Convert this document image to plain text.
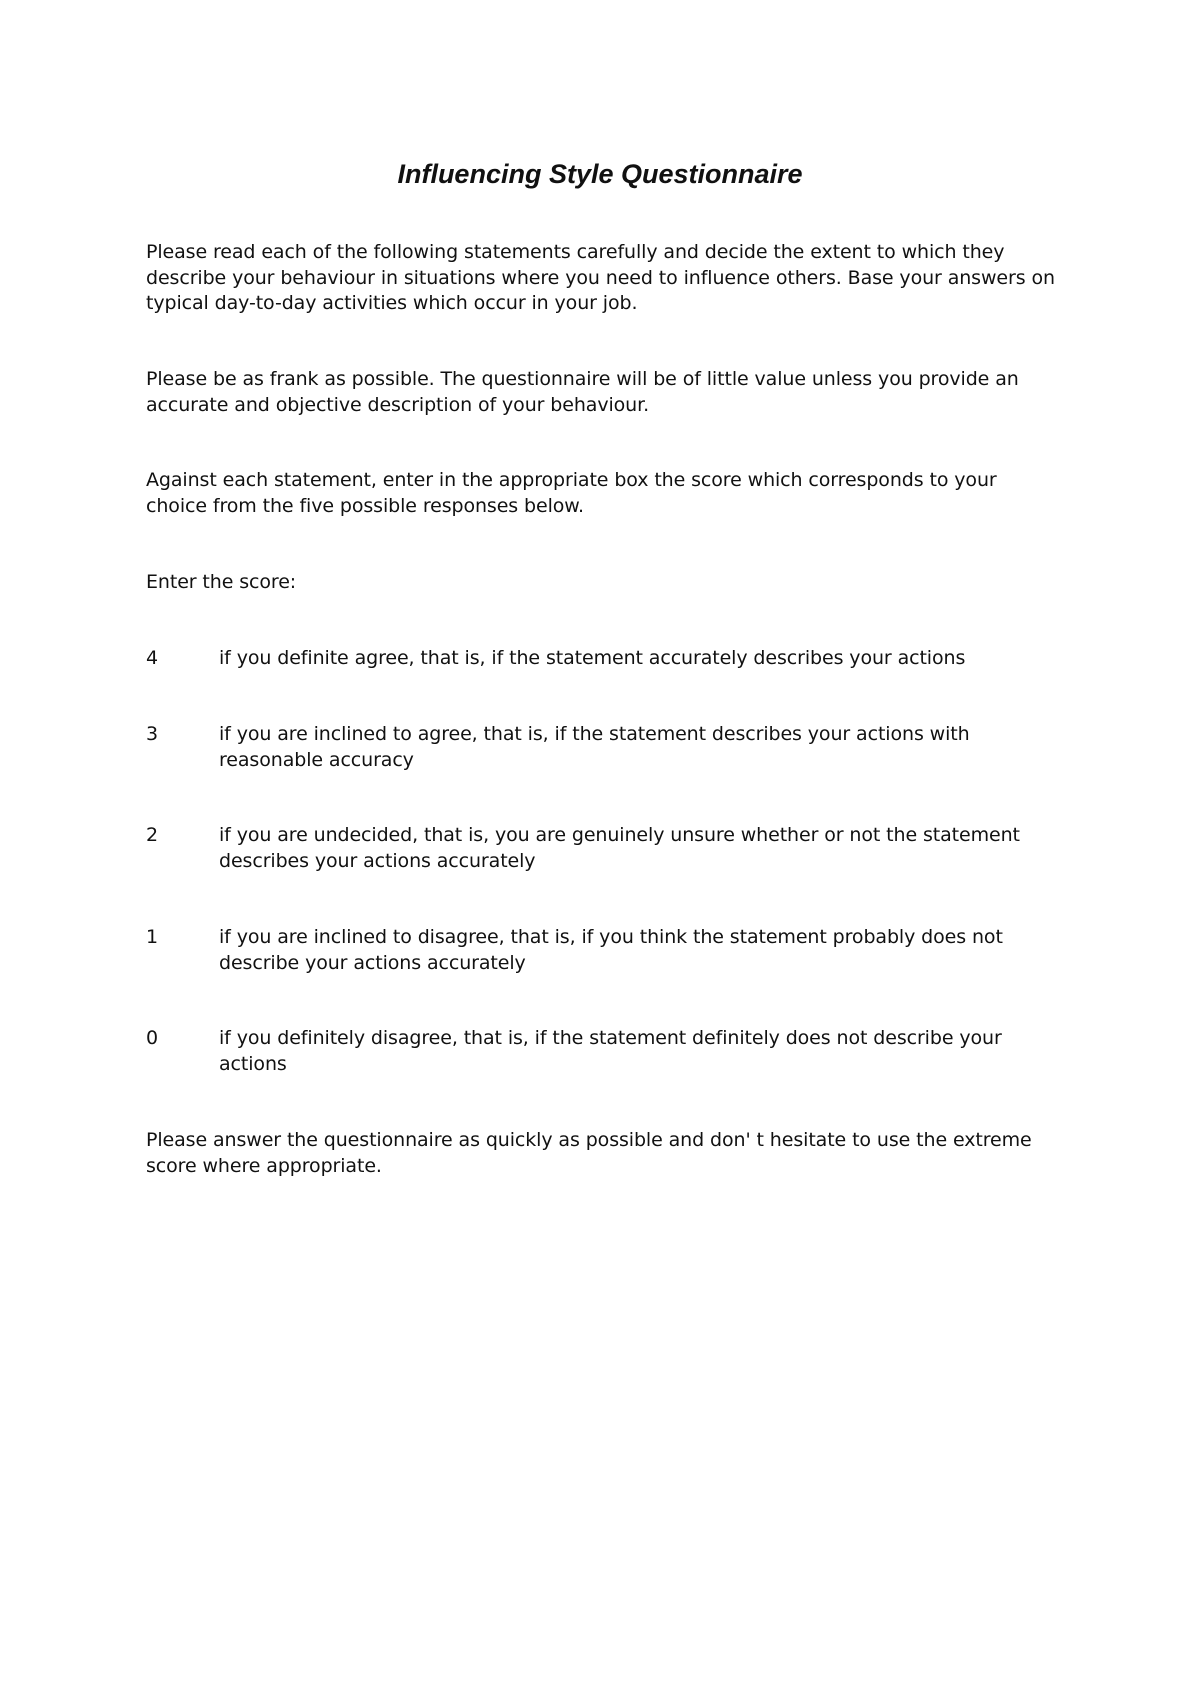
Influencing Style Questionnaire

Please read each of the following statements carefully and decide the extent to which they describe your behaviour in situations where you need to influence others. Base your answers on typical day-to-day activities which occur in your job.

Please be as frank as possible. The questionnaire will be of little value unless you provide an accurate and objective description of your behaviour.

Against each statement, enter in the appropriate box the score which corresponds to your choice from the five possible responses below.

Enter the score:

4	if you definite agree, that is, if the statement accurately describes your actions
3	if you are inclined to agree, that is, if the statement describes your actions with reasonable accuracy
2	if you are undecided, that is, you are genuinely unsure whether or not the statement describes your actions accurately
1	if you are inclined to disagree, that is, if you think the statement probably does not describe your actions accurately
0	if you definitely disagree, that is, if the statement definitely does not describe your actions

Please answer the questionnaire as quickly as possible and don' t hesitate to use the extreme score where appropriate.
